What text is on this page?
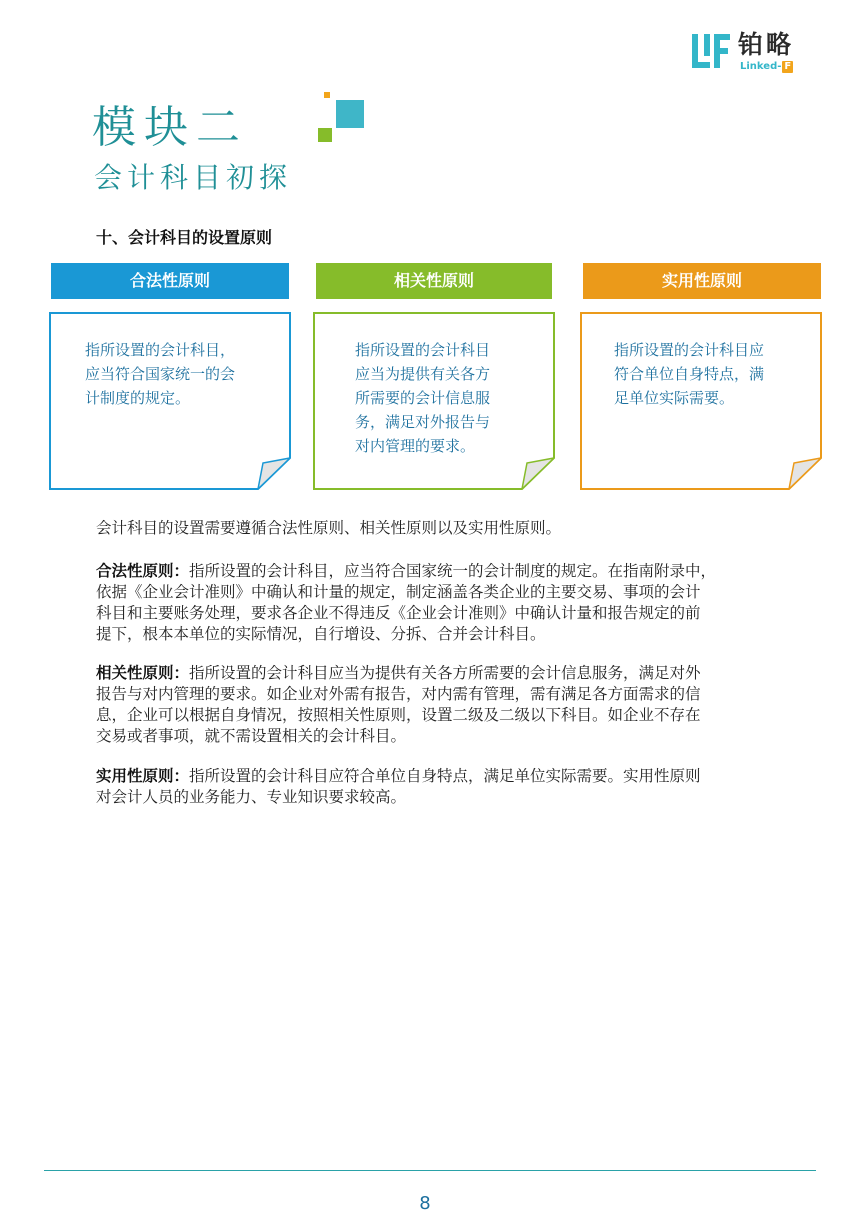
铂略
Linked- F
模块二
会计科目初探
十、会计科目的设置原则
合法性原则	相关性原则	实用性原则
指所设置的会计科目，
应当符合国家统一的会
计制度的规定。
指所设置的会计科目
应当为提供有关各方
所需要的会计信息服
务，满足对外报告与
对内管理的要求。
指所设置的会计科目应
符合单位自身特点，满
足单位实际需要。
会计科目的设置需要遵循合法性原则、相关性原则以及实用性原则。
合法性原则：指所设置的会计科目，应当符合国家统一的会计制度的规定。在指南附录中，
依据《企业会计准则》中确认和计量的规定，制定涵盖各类企业的主要交易、事项的会计
科目和主要账务处理，要求各企业不得违反《企业会计准则》中确认计量和报告规定的前
提下，根本本单位的实际情况，自行增设、分拆、合并会计科目。
相关性原则：指所设置的会计科目应当为提供有关各方所需要的会计信息服务，满足对外
报告与对内管理的要求。如企业对外需有报告，对内需有管理，需有满足各方面需求的信
息，企业可以根据自身情况，按照相关性原则，设置二级及二级以下科目。如企业不存在
交易或者事项，就不需设置相关的会计科目。
实用性原则：指所设置的会计科目应符合单位自身特点，满足单位实际需要。实用性原则
对会计人员的业务能力、专业知识要求较高。
8
